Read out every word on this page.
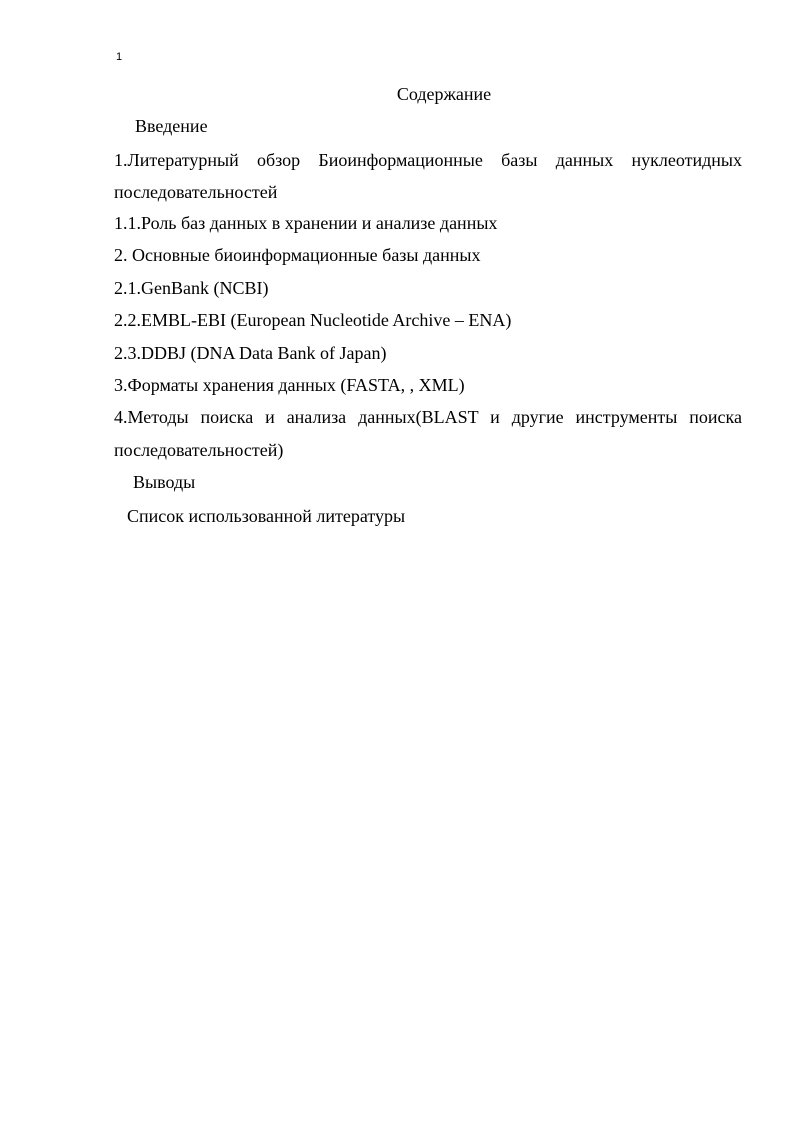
1
Содержание
Введение
1.Литературный обзор Биоинформационные базы данных нуклеотидных
последовательностей
1.1.Роль баз данных в хранении и анализе данных
2. Основные биоинформационные базы данных
2.1.GenBank (NCBI)
2.2.EMBL-EBI (European Nucleotide Archive – ENA)
2.3.DDBJ (DNA Data Bank of Japan)
3.Форматы хранения данных (FASTA, , XML)
4.Методы поиска и анализа данных(BLAST и другие инструменты поиска
последовательностей)
Выводы
Список использованной литературы
